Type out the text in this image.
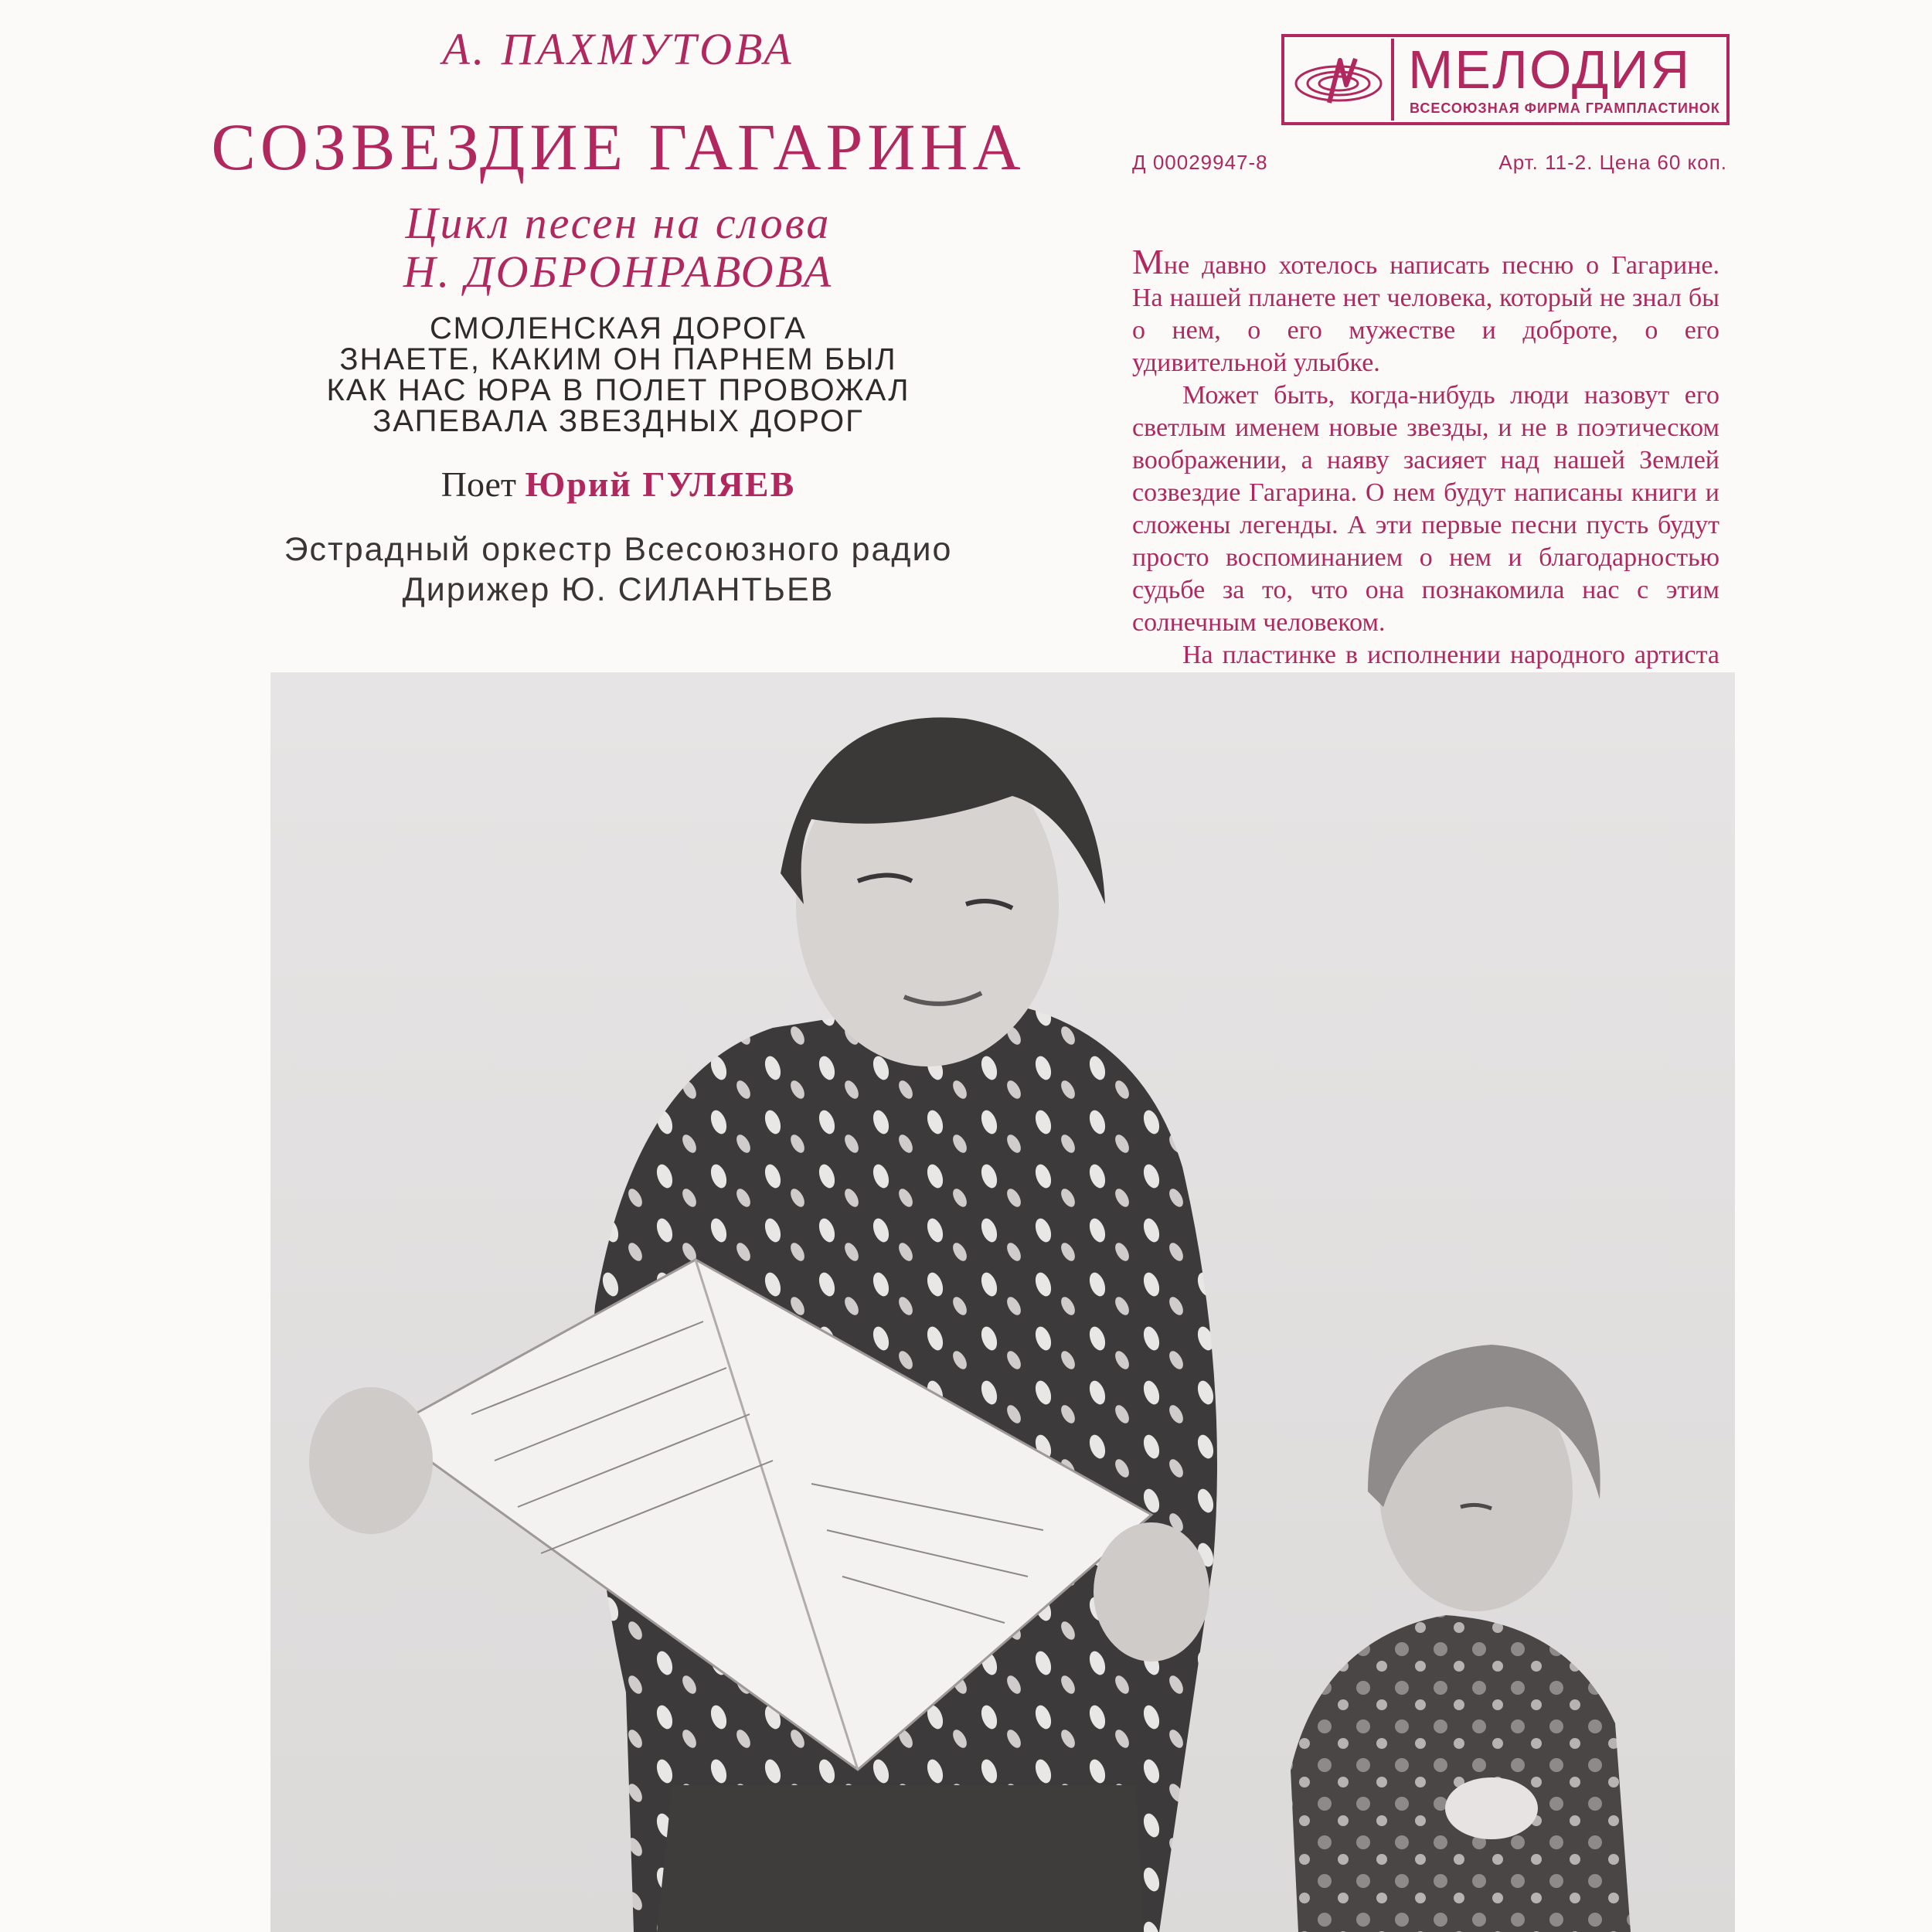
А. ПАХМУТОВА
СОЗВЕЗДИЕ ГАГАРИНА
Цикл песен на слова
Н. ДОБРОНРАВОВА
СМОЛЕНСКАЯ ДОРОГА
ЗНАЕТЕ, КАКИМ ОН ПАРНЕМ БЫЛ
КАК НАС ЮРА В ПОЛЕТ ПРОВОЖАЛ
ЗАПЕВАЛА ЗВЕЗДНЫХ ДОРОГ
Поет Юрий ГУЛЯЕВ
Эстрадный оркестр Всесоюзного радио
Дирижер Ю. СИЛАНТЬЕВ
МЕЛОДИЯ
ВСЕСОЮЗНАЯ ФИРМА ГРАМПЛАСТИНОК
Д 00029947-8	Арт. 11-2. Цена 60 коп.

Мне давно хотелось написать песню о Гагарине. На нашей планете нет человека, который не знал бы о нем, о его мужестве и доброте, о его удивительной улыбке.

Может быть, когда-нибудь люди назовут его светлым именем новые звезды, и не в поэтическом воображении, а наяву засияет над нашей Землей созвездие Гагарина. О нем будут написаны книги и сложены легенды. А эти первые песни пусть будут просто воспоминанием о нем и благодарностью судьбе за то, что она познакомила нас с этим солнечным человеком.

На пластинке в исполнении народного артиста
